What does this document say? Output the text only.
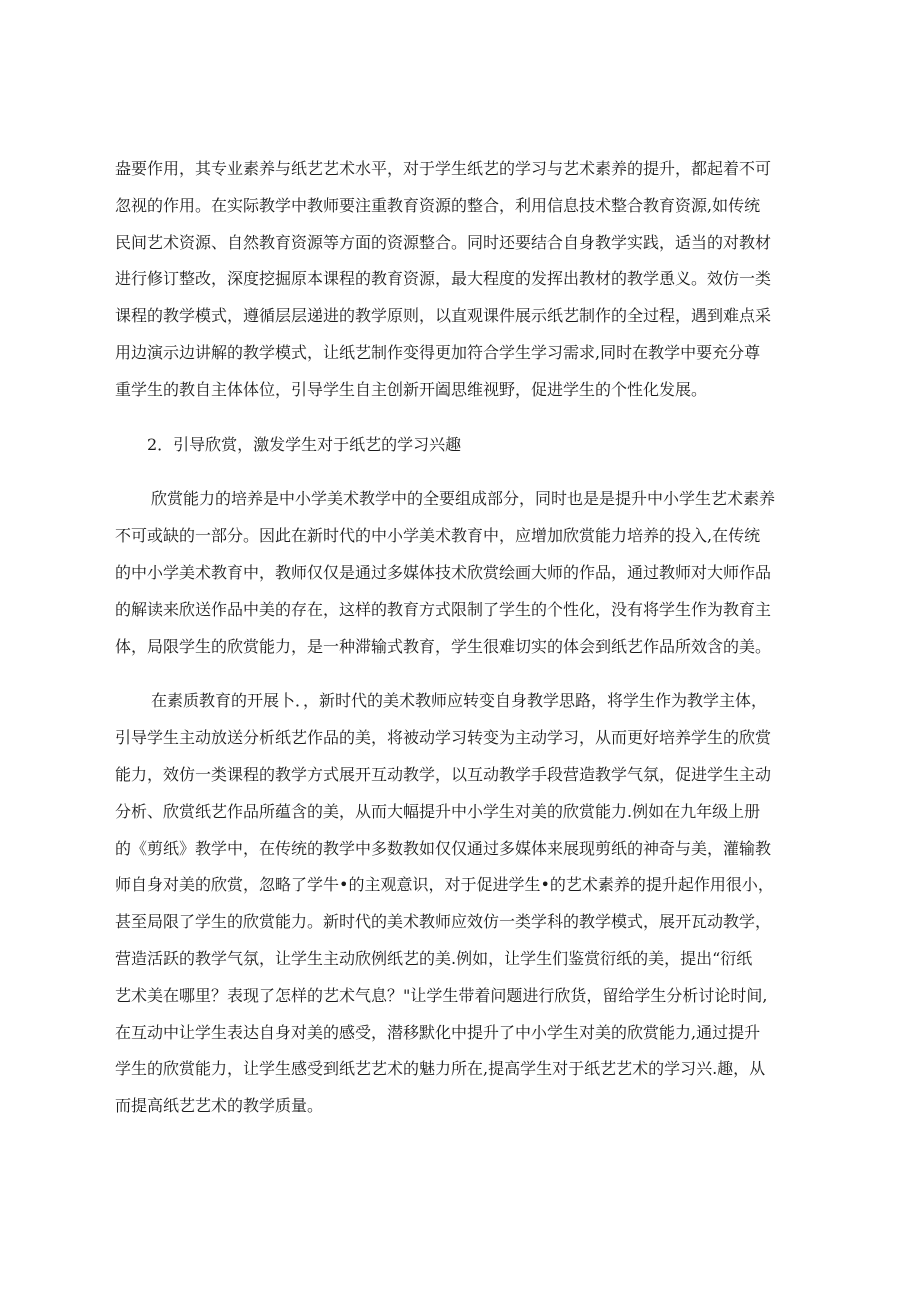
盎要作用，其专业素养与纸艺艺术水平，对于学生纸艺的学习与艺术素养的提升，都起着不可
忽视的作用。在实际教学中教师要注重教育资源的整合，利用信息技术整合教育资源,如传统
民间艺术资源、自然教育资源等方面的资源整合。同时还要结合自身教学实践，适当的对教材
进行修订整改，深度挖掘原本课程的教育资源，最大程度的发挥出教材的教学恿义。效仿一类
课程的教学模式，遵循层层递进的教学原则，以直观课件展示纸艺制作的全过程，遇到难点采
用边演示边讲解的教学模式，让纸艺制作变得更加符合学生学习需求,同时在教学中要充分尊
重学生的教自主体体位，引导学生自主创新开阖思维视野，促进学生的个性化发展。
2．引导欣赏，激发学生对于纸艺的学习兴趣
欣赏能力的培养是中小学美术教学中的全要组成部分，同时也是是提升中小学生艺术素养
不可或缺的一部分。因此在新时代的中小学美术教育中，应增加欣赏能力培养的投入,在传统
的中小学美术教育中，教师仅仅是通过多媒体技术欣赏绘画大师的作品，通过教师对大师作品
的解读来欣送作品中美的存在，这样的教育方式限制了学生的个性化，没有将学生作为教育主
体，局限学生的欣赏能力，是一种滞输式教育，学生很难切实的体会到纸艺作品所效含的美。
在素质教育的开展卜．，新时代的美术教师应转变自身教学思路，将学生作为教学主体，
引导学生主动放送分析纸艺作品的美，将被动学习转变为主动学习，从而更好培养学生的欣赏
能力，效仿一类课程的教学方式展开互动教学，以互动教学手段营造教学气氛，促进学生主动
分析、欣赏纸艺作品所蕴含的美，从而大幅提升中小学生对美的欣赏能力.例如在九年级上册
的《剪纸》教学中，在传统的教学中多数教如仅仅通过多媒体来展现剪纸的神奇与美，灌输教
师自身对美的欣赏，忽略了学牛•的主观意识，对于促进学生•的艺术素养的提升起作用很小，
甚至局限了学生的欣赏能力。新时代的美术教师应效仿一类学科的教学模式，展开瓦动教学，
营造活跃的教学气氛，让学生主动欣例纸艺的美.例如，让学生们鉴赏衍纸的美，提出“衍纸
艺术美在哪里？表现了怎样的艺术气息？"让学生带着问题进行欣货，留给学生分析讨论时间,
在互动中让学生表达自身对美的感受，潜移默化中提升了中小学生对美的欣赏能力,通过提升
学生的欣赏能力，让学生感受到纸艺艺术的魅力所在,提高学生对于纸艺艺术的学习兴.趣，从
而提高纸艺艺术的教学质量。
